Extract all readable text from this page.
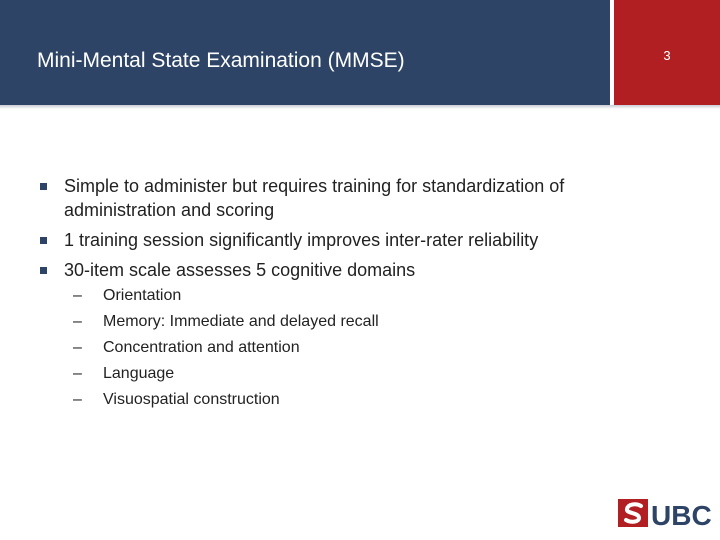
Mini-Mental State Examination (MMSE)	3
Simple to administer but requires training for standardization of administration and scoring
1 training session significantly improves inter-rater reliability
30-item scale assesses 5 cognitive domains
– Orientation
– Memory: Immediate and delayed recall
– Concentration and attention
– Language
– Visuospatial construction
UBC
